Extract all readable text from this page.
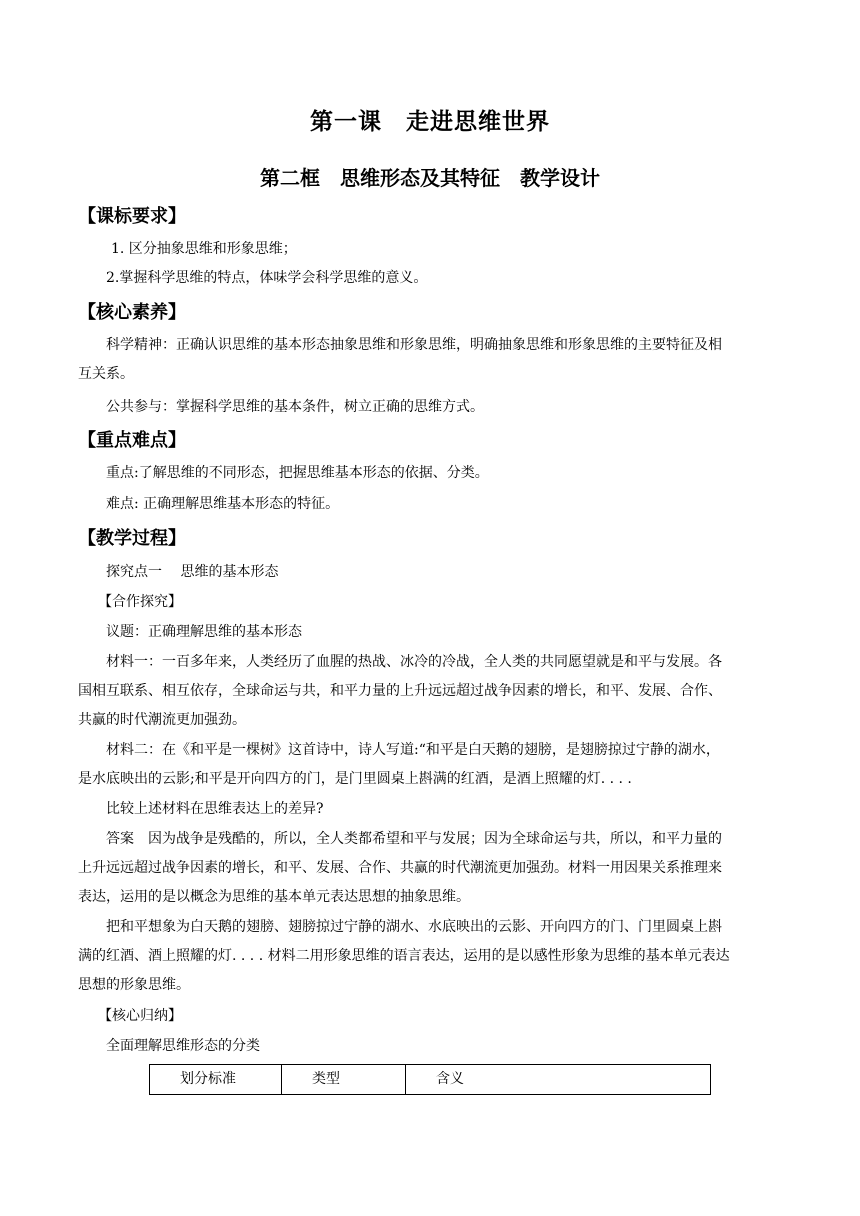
第一课　走进思维世界
第二框　思维形态及其特征　教学设计
【课标要求】
1. 区分抽象思维和形象思维；
2.掌握科学思维的特点，体味学会科学思维的意义。
【核心素养】
科学精神：正确认识思维的基本形态抽象思维和形象思维，明确抽象思维和形象思维的主要特征及相
互关系。
公共参与：掌握科学思维的基本条件，树立正确的思维方式。
【重点难点】
重点:了解思维的不同形态，把握思维基本形态的依据、分类。
难点: 正确理解思维基本形态的特征。
【教学过程】
探究点一　 思维的基本形态
【合作探究】
议题：正确理解思维的基本形态
材料一：一百多年来，人类经历了血腥的热战、冰冷的冷战，全人类的共同愿望就是和平与发展。各
国相互联系、相互依存，全球命运与共，和平力量的上升远远超过战争因素的增长，和平、发展、合作、
共赢的时代潮流更加强劲。
材料二：在《和平是一棵树》这首诗中，诗人写道:“和平是白天鹅的翅膀，是翅膀掠过宁静的湖水，
是水底映出的云影;和平是开向四方的门，是门里圆桌上斟满的红酒，是酒上照耀的灯. . . .
比较上述材料在思维表达上的差异?
答案　因为战争是残酷的，所以，全人类都希望和平与发展；因为全球命运与共，所以，和平力量的
上升远远超过战争因素的增长，和平、发展、合作、共赢的时代潮流更加强劲。材料一用因果关系推理来
表达，运用的是以概念为思维的基本单元表达思想的抽象思维。
把和平想象为白天鹅的翅膀、翅膀掠过宁静的湖水、水底映出的云影、开向四方的门、门里圆桌上斟
满的红酒、酒上照耀的灯. . . . 材料二用形象思维的语言表达，运用的是以感性形象为思维的基本单元表达
思想的形象思维。
【核心归纳】
全面理解思维形态的分类
划分标准	类型	含义
